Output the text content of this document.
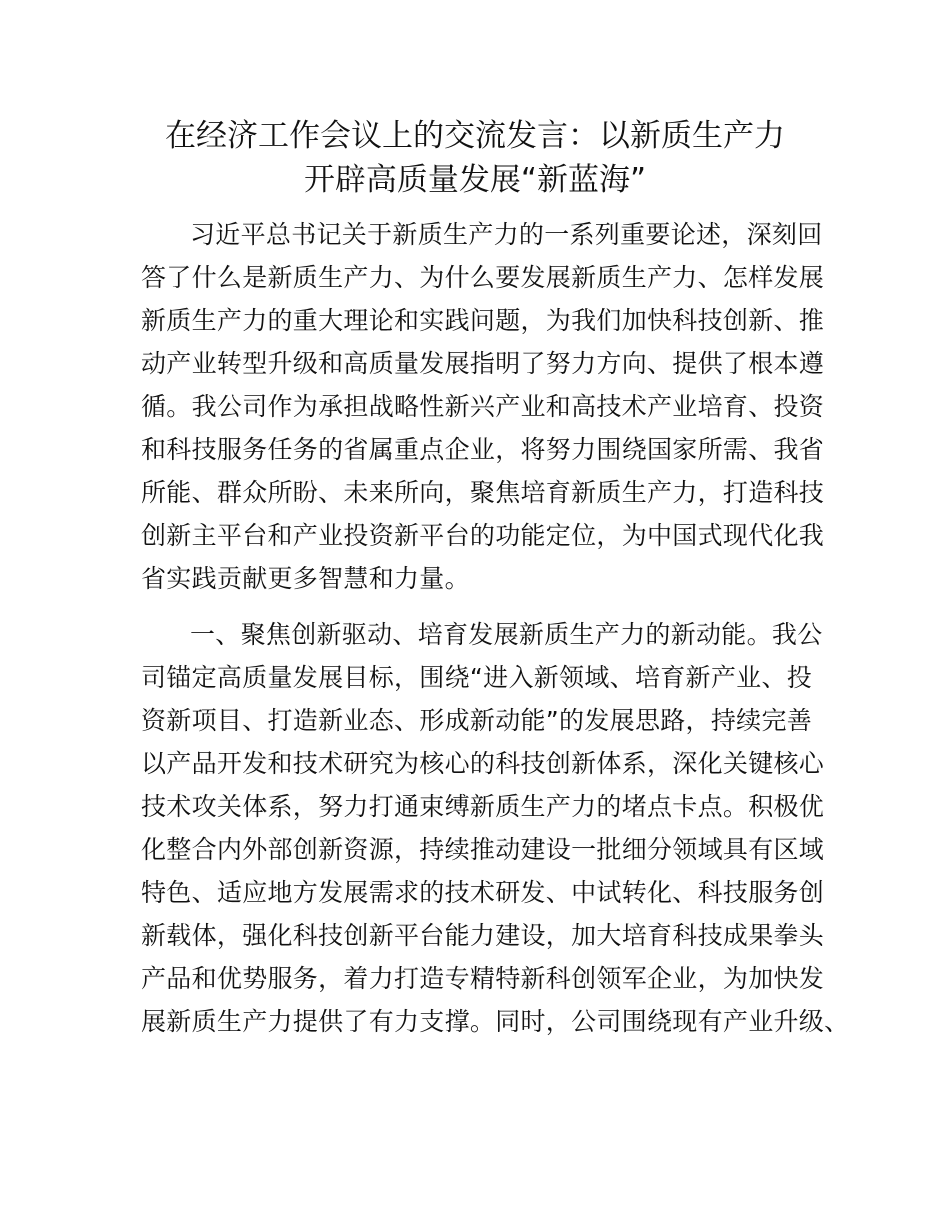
在经济工作会议上的交流发言：以新质生产力
开辟高质量发展“新蓝海”
习近平总书记关于新质生产力的一系列重要论述，深刻回
答了什么是新质生产力、为什么要发展新质生产力、怎样发展
新质生产力的重大理论和实践问题，为我们加快科技创新、推
动产业转型升级和高质量发展指明了努力方向、提供了根本遵
循。我公司作为承担战略性新兴产业和高技术产业培育、投资
和科技服务任务的省属重点企业，将努力围绕国家所需、我省
所能、群众所盼、未来所向，聚焦培育新质生产力，打造科技
创新主平台和产业投资新平台的功能定位，为中国式现代化我
省实践贡献更多智慧和力量。
一、聚焦创新驱动、培育发展新质生产力的新动能。我公
司锚定高质量发展目标，围绕“进入新领域、培育新产业、投
资新项目、打造新业态、形成新动能”的发展思路，持续完善
以产品开发和技术研究为核心的科技创新体系，深化关键核心
技术攻关体系，努力打通束缚新质生产力的堵点卡点。积极优
化整合内外部创新资源，持续推动建设一批细分领域具有区域
特色、适应地方发展需求的技术研发、中试转化、科技服务创
新载体，强化科技创新平台能力建设，加大培育科技成果拳头
产品和优势服务，着力打造专精特新科创领军企业，为加快发
展新质生产力提供了有力支撑。同时，公司围绕现有产业升级、
